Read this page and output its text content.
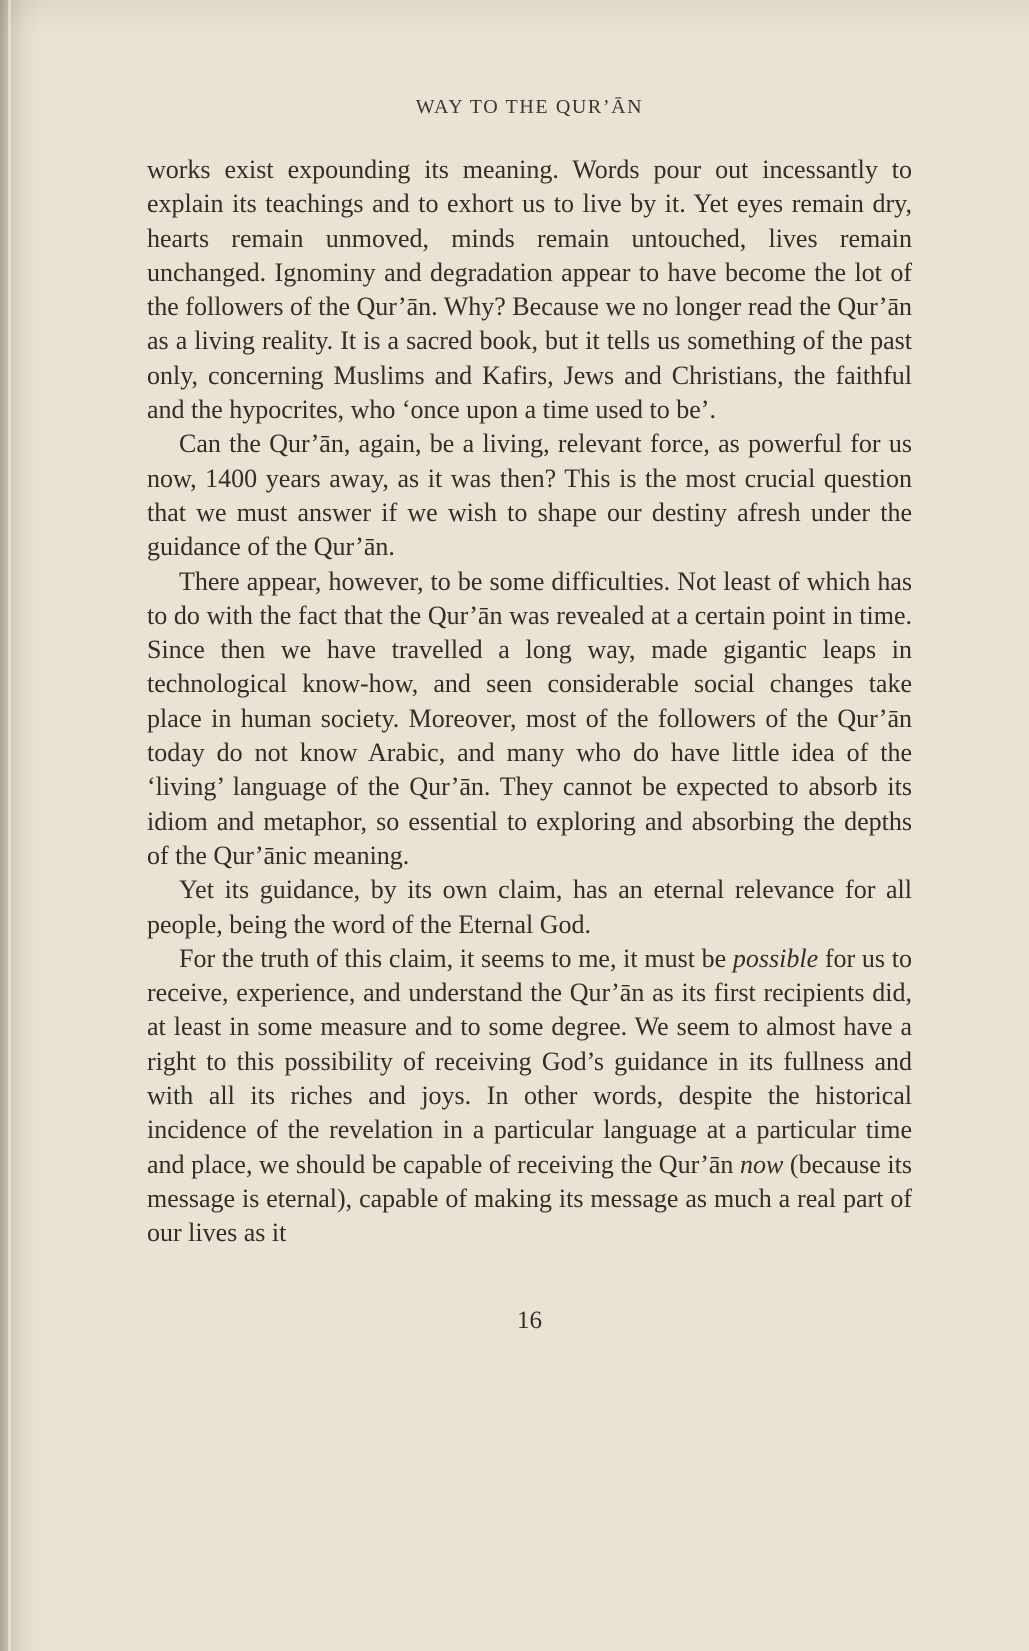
WAY TO THE QUR’ĀN

works exist expounding its meaning. Words pour out incessantly to explain its teachings and to exhort us to live by it. Yet eyes remain dry, hearts remain unmoved, minds remain untouched, lives remain unchanged. Ignominy and degradation appear to have become the lot of the followers of the Qur’ān. Why? Because we no longer read the Qur’ān as a living reality. It is a sacred book, but it tells us something of the past only, concerning Muslims and Kafirs, Jews and Christians, the faithful and the hypocrites, who ‘once upon a time used to be’.

Can the Qur’ān, again, be a living, relevant force, as powerful for us now, 1400 years away, as it was then? This is the most crucial question that we must answer if we wish to shape our destiny afresh under the guidance of the Qur’ān.

There appear, however, to be some difficulties. Not least of which has to do with the fact that the Qur’ān was revealed at a certain point in time. Since then we have travelled a long way, made gigantic leaps in technological know-how, and seen considerable social changes take place in human society. Moreover, most of the followers of the Qur’ān today do not know Arabic, and many who do have little idea of the ‘living’ language of the Qur’ān. They cannot be expected to absorb its idiom and metaphor, so essential to exploring and absorbing the depths of the Qur’ānic meaning.

Yet its guidance, by its own claim, has an eternal relevance for all people, being the word of the Eternal God.

For the truth of this claim, it seems to me, it must be possible for us to receive, experience, and understand the Qur’ān as its first recipients did, at least in some measure and to some degree. We seem to almost have a right to this possibility of receiving God’s guidance in its fullness and with all its riches and joys. In other words, despite the historical incidence of the revelation in a particular language at a particular time and place, we should be capable of receiving the Qur’ān now (because its message is eternal), capable of making its message as much a real part of our lives as it

16
